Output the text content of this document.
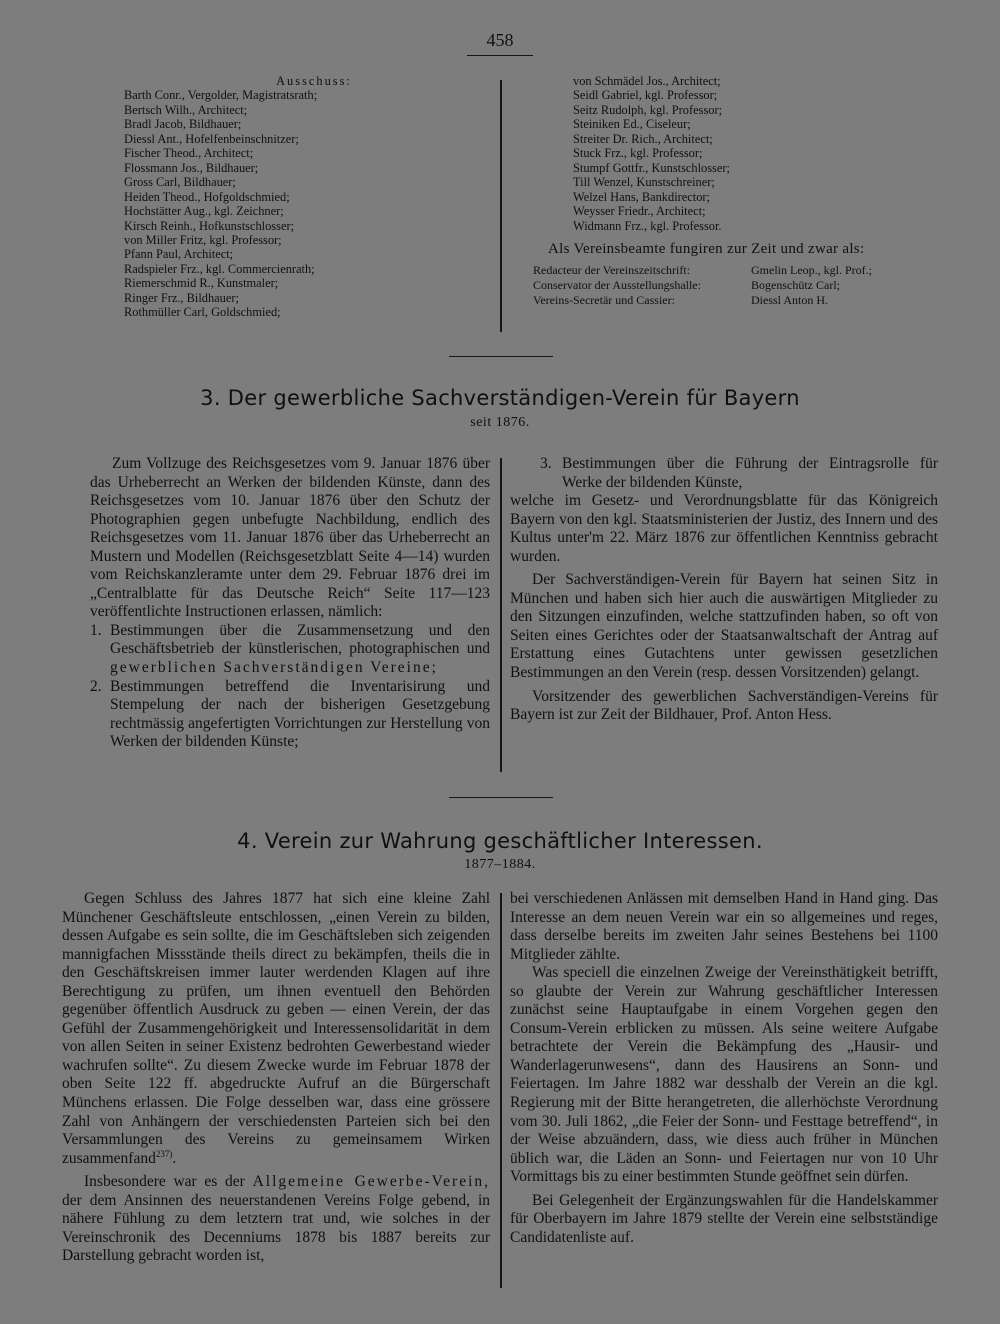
458
Ausschuss:
Barth Conr., Vergolder, Magistratsrath;
Bertsch Wilh., Architect;
Bradl Jacob, Bildhauer;
Diessl Ant., Hofelfenbeinschnitzer;
Fischer Theod., Architect;
Flossmann Jos., Bildhauer;
Gross Carl, Bildhauer;
Heiden Theod., Hofgoldschmied;
Hochstätter Aug., kgl. Zeichner;
Kirsch Reinh., Hofkunstschlosser;
von Miller Fritz, kgl. Professor;
Pfann Paul, Architect;
Radspieler Frz., kgl. Commercienrath;
Riemerschmid R., Kunstmaler;
Ringer Frz., Bildhauer;
Rothmüller Carl, Goldschmied;
von Schmädel Jos., Architect;
Seidl Gabriel, kgl. Professor;
Seitz Rudolph, kgl. Professor;
Steiniken Ed., Ciseleur;
Streiter Dr. Rich., Architect;
Stuck Frz., kgl. Professor;
Stumpf Gottfr., Kunstschlosser;
Till Wenzel, Kunstschreiner;
Welzel Hans, Bankdirector;
Weysser Friedr., Architect;
Widmann Frz., kgl. Professor.
Als Vereinsbeamte fungiren zur Zeit und zwar als:
Redacteur der Vereinszeitschrift:	Gmelin Leop., kgl. Prof.;
Conservator der Ausstellungshalle:	Bogenschütz Carl;
Vereins-Secretär und Cassier:	Diessl Anton H.
3. Der gewerbliche Sachverständigen-Verein für Bayern
seit 1876.

Zum Vollzuge des Reichsgesetzes vom 9. Januar 1876 über das Urheberrecht an Werken der bildenden Künste, dann des Reichsgesetzes vom 10. Januar 1876 über den Schutz der Photographien gegen unbefugte Nachbildung, endlich des Reichsgesetzes vom 11. Januar 1876 über das Urheberrecht an Mustern und Modellen (Reichsgesetzblatt Seite 4—14) wurden vom Reichskanzleramte unter dem 29. Februar 1876 drei im „Centralblatte für das Deutsche Reich“ Seite 117—123 veröffentlichte Instructionen erlassen, nämlich:

1. Bestimmungen über die Zusammensetzung und den Geschäftsbetrieb der künstlerischen, photographischen und gewerblichen Sachverständigen Vereine;
2. Bestimmungen betreffend die Inventarisirung und Stempelung der nach der bisherigen Gesetzgebung rechtmässig angefertigten Vorrichtungen zur Herstellung von Werken der bildenden Künste;
3. Bestimmungen über die Führung der Eintragsrolle für Werke der bildenden Künste,

welche im Gesetz- und Verordnungsblatte für das Königreich Bayern von den kgl. Staatsministerien der Justiz, des Innern und des Kultus unter'm 22. März 1876 zur öffentlichen Kenntniss gebracht wurden.

Der Sachverständigen-Verein für Bayern hat seinen Sitz in München und haben sich hier auch die auswärtigen Mitglieder zu den Sitzungen einzufinden, welche stattzufinden haben, so oft von Seiten eines Gerichtes oder der Staatsanwaltschaft der Antrag auf Erstattung eines Gutachtens unter gewissen gesetzlichen Bestimmungen an den Verein (resp. dessen Vorsitzenden) gelangt.

Vorsitzender des gewerblichen Sachverständigen-Vereins für Bayern ist zur Zeit der Bildhauer, Prof. Anton Hess.

4. Verein zur Wahrung geschäftlicher Interessen.
1877–1884.

Gegen Schluss des Jahres 1877 hat sich eine kleine Zahl Münchener Geschäftsleute entschlossen, „einen Verein zu bilden, dessen Aufgabe es sein sollte, die im Geschäftsleben sich zeigenden mannigfachen Missstände theils direct zu bekämpfen, theils die in den Geschäftskreisen immer lauter werdenden Klagen auf ihre Berechtigung zu prüfen, um ihnen eventuell den Behörden gegenüber öffentlich Ausdruck zu geben — einen Verein, der das Gefühl der Zusammengehörigkeit und Interessensolidarität in dem von allen Seiten in seiner Existenz bedrohten Gewerbestand wieder wachrufen sollte“. Zu diesem Zwecke wurde im Februar 1878 der oben Seite 122 ff. abgedruckte Aufruf an die Bürgerschaft Münchens erlassen. Die Folge desselben war, dass eine grössere Zahl von Anhängern der verschiedensten Parteien sich bei den Versammlungen des Vereins zu gemeinsamem Wirken zusammenfand$^{237)}$.

Insbesondere war es der Allgemeine Gewerbe-Verein, der dem Ansinnen des neuerstandenen Vereins Folge gebend, in nähere Fühlung zu dem letztern trat und, wie solches in der Vereinschronik des Decenniums 1878 bis 1887 bereits zur Darstellung gebracht worden ist,

bei verschiedenen Anlässen mit demselben Hand in Hand ging. Das Interesse an dem neuen Verein war ein so allgemeines und reges, dass derselbe bereits im zweiten Jahr seines Bestehens bei 1100 Mitglieder zählte.

Was speciell die einzelnen Zweige der Vereinsthätigkeit betrifft, so glaubte der Verein zur Wahrung geschäftlicher Interessen zunächst seine Hauptaufgabe in einem Vorgehen gegen den Consum-Verein erblicken zu müssen. Als seine weitere Aufgabe betrachtete der Verein die Bekämpfung des „Hausir- und Wanderlagerunwesens“, dann des Hausirens an Sonn- und Feiertagen. Im Jahre 1882 war desshalb der Verein an die kgl. Regierung mit der Bitte herangetreten, die allerhöchste Verordnung vom 30. Juli 1862, „die Feier der Sonn- und Festtage betreffend“, in der Weise abzuändern, dass, wie diess auch früher in München üblich war, die Läden an Sonn- und Feiertagen nur von 10 Uhr Vormittags bis zu einer bestimmten Stunde geöffnet sein dürfen.

Bei Gelegenheit der Ergänzungswahlen für die Handelskammer für Oberbayern im Jahre 1879 stellte der Verein eine selbstständige Candidatenliste auf.
